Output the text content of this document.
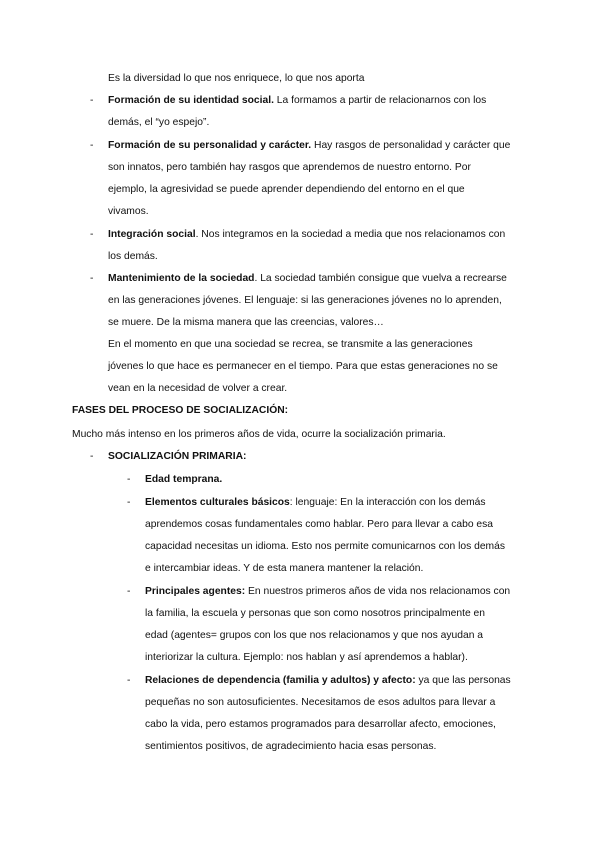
Es la diversidad lo que nos enriquece, lo que nos aporta
- Formación de su identidad social. La formamos a partir de relacionarnos con los
demás, el “yo espejo”.
- Formación de su personalidad y carácter. Hay rasgos de personalidad y carácter que
son innatos, pero también hay rasgos que aprendemos de nuestro entorno. Por
ejemplo, la agresividad se puede aprender dependiendo del entorno en el que
vivamos.
- Integración social. Nos integramos en la sociedad a media que nos relacionamos con
los demás.
- Mantenimiento de la sociedad. La sociedad también consigue que vuelva a recrearse
en las generaciones jóvenes. El lenguaje: si las generaciones jóvenes no lo aprenden,
se muere. De la misma manera que las creencias, valores…
En el momento en que una sociedad se recrea, se transmite a las generaciones
jóvenes lo que hace es permanecer en el tiempo. Para que estas generaciones no se
vean en la necesidad de volver a crear.
FASES DEL PROCESO DE SOCIALIZACIÓN:
Mucho más intenso en los primeros años de vida, ocurre la socialización primaria.
- SOCIALIZACIÓN PRIMARIA:
- Edad temprana.
- Elementos culturales básicos: lenguaje: En la interacción con los demás
aprendemos cosas fundamentales como hablar. Pero para llevar a cabo esa
capacidad necesitas un idioma. Esto nos permite comunicarnos con los demás
e intercambiar ideas. Y de esta manera mantener la relación.
- Principales agentes: En nuestros primeros años de vida nos relacionamos con
la familia, la escuela y personas que son como nosotros principalmente en
edad (agentes= grupos con los que nos relacionamos y que nos ayudan a
interiorizar la cultura. Ejemplo: nos hablan y así aprendemos a hablar).
- Relaciones de dependencia (familia y adultos) y afecto: ya que las personas
pequeñas no son autosuficientes. Necesitamos de esos adultos para llevar a
cabo la vida, pero estamos programados para desarrollar afecto, emociones,
sentimientos positivos, de agradecimiento hacia esas personas.
